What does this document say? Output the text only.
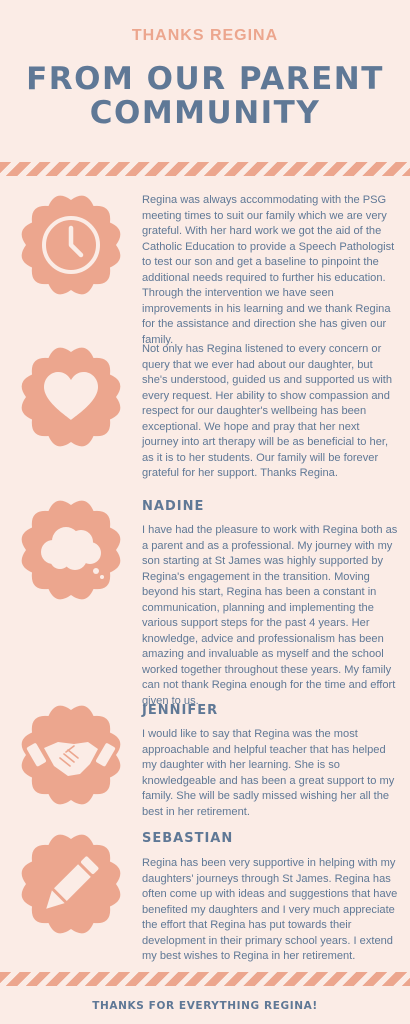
THANKS REGINA
FROM OUR PARENT
COMMUNITY
Regina was always accommodating with the PSG meeting times to suit our family which we are very grateful. With her hard work we got the aid of the Catholic Education to provide a Speech Pathologist to test our son and get a baseline to pinpoint the additional needs required to further his education. Through the intervention we have seen improvements in his learning and we thank Regina for the assistance and direction she has given our family.
Not only has Regina listened to every concern or query that we ever had about our daughter, but she's understood, guided us and supported us with every request. Her ability to show compassion and respect for our daughter's wellbeing has been exceptional. We hope and pray that her next journey into art therapy will be as beneficial to her, as it is to her students. Our family will be forever grateful for her support. Thanks Regina.
NADINE
I have had the pleasure to work with Regina both as a parent and as a professional. My journey with my son starting at St James was highly supported by Regina's engagement in the transition. Moving beyond his start, Regina has been a constant in communication, planning and implementing the various support steps for the past 4 years. Her knowledge, advice and professionalism has been amazing and invaluable as myself and the school worked together throughout these years. My family can not thank Regina enough for the time and effort given to us.
JENNIFER
I would like to say that Regina was the most approachable and helpful teacher that has helped my daughter with her learning. She is so knowledgeable and has been a great support to my family. She will be sadly missed wishing her all the best in her retirement.
SEBASTIAN
Regina has been very supportive in helping with my daughters' journeys through St James. Regina has often come up with ideas and suggestions that have benefited my daughters and I very much appreciate the effort that Regina has put towards their development in their primary school years. I extend my best wishes to Regina in her retirement.
THANKS FOR EVERYTHING REGINA!
